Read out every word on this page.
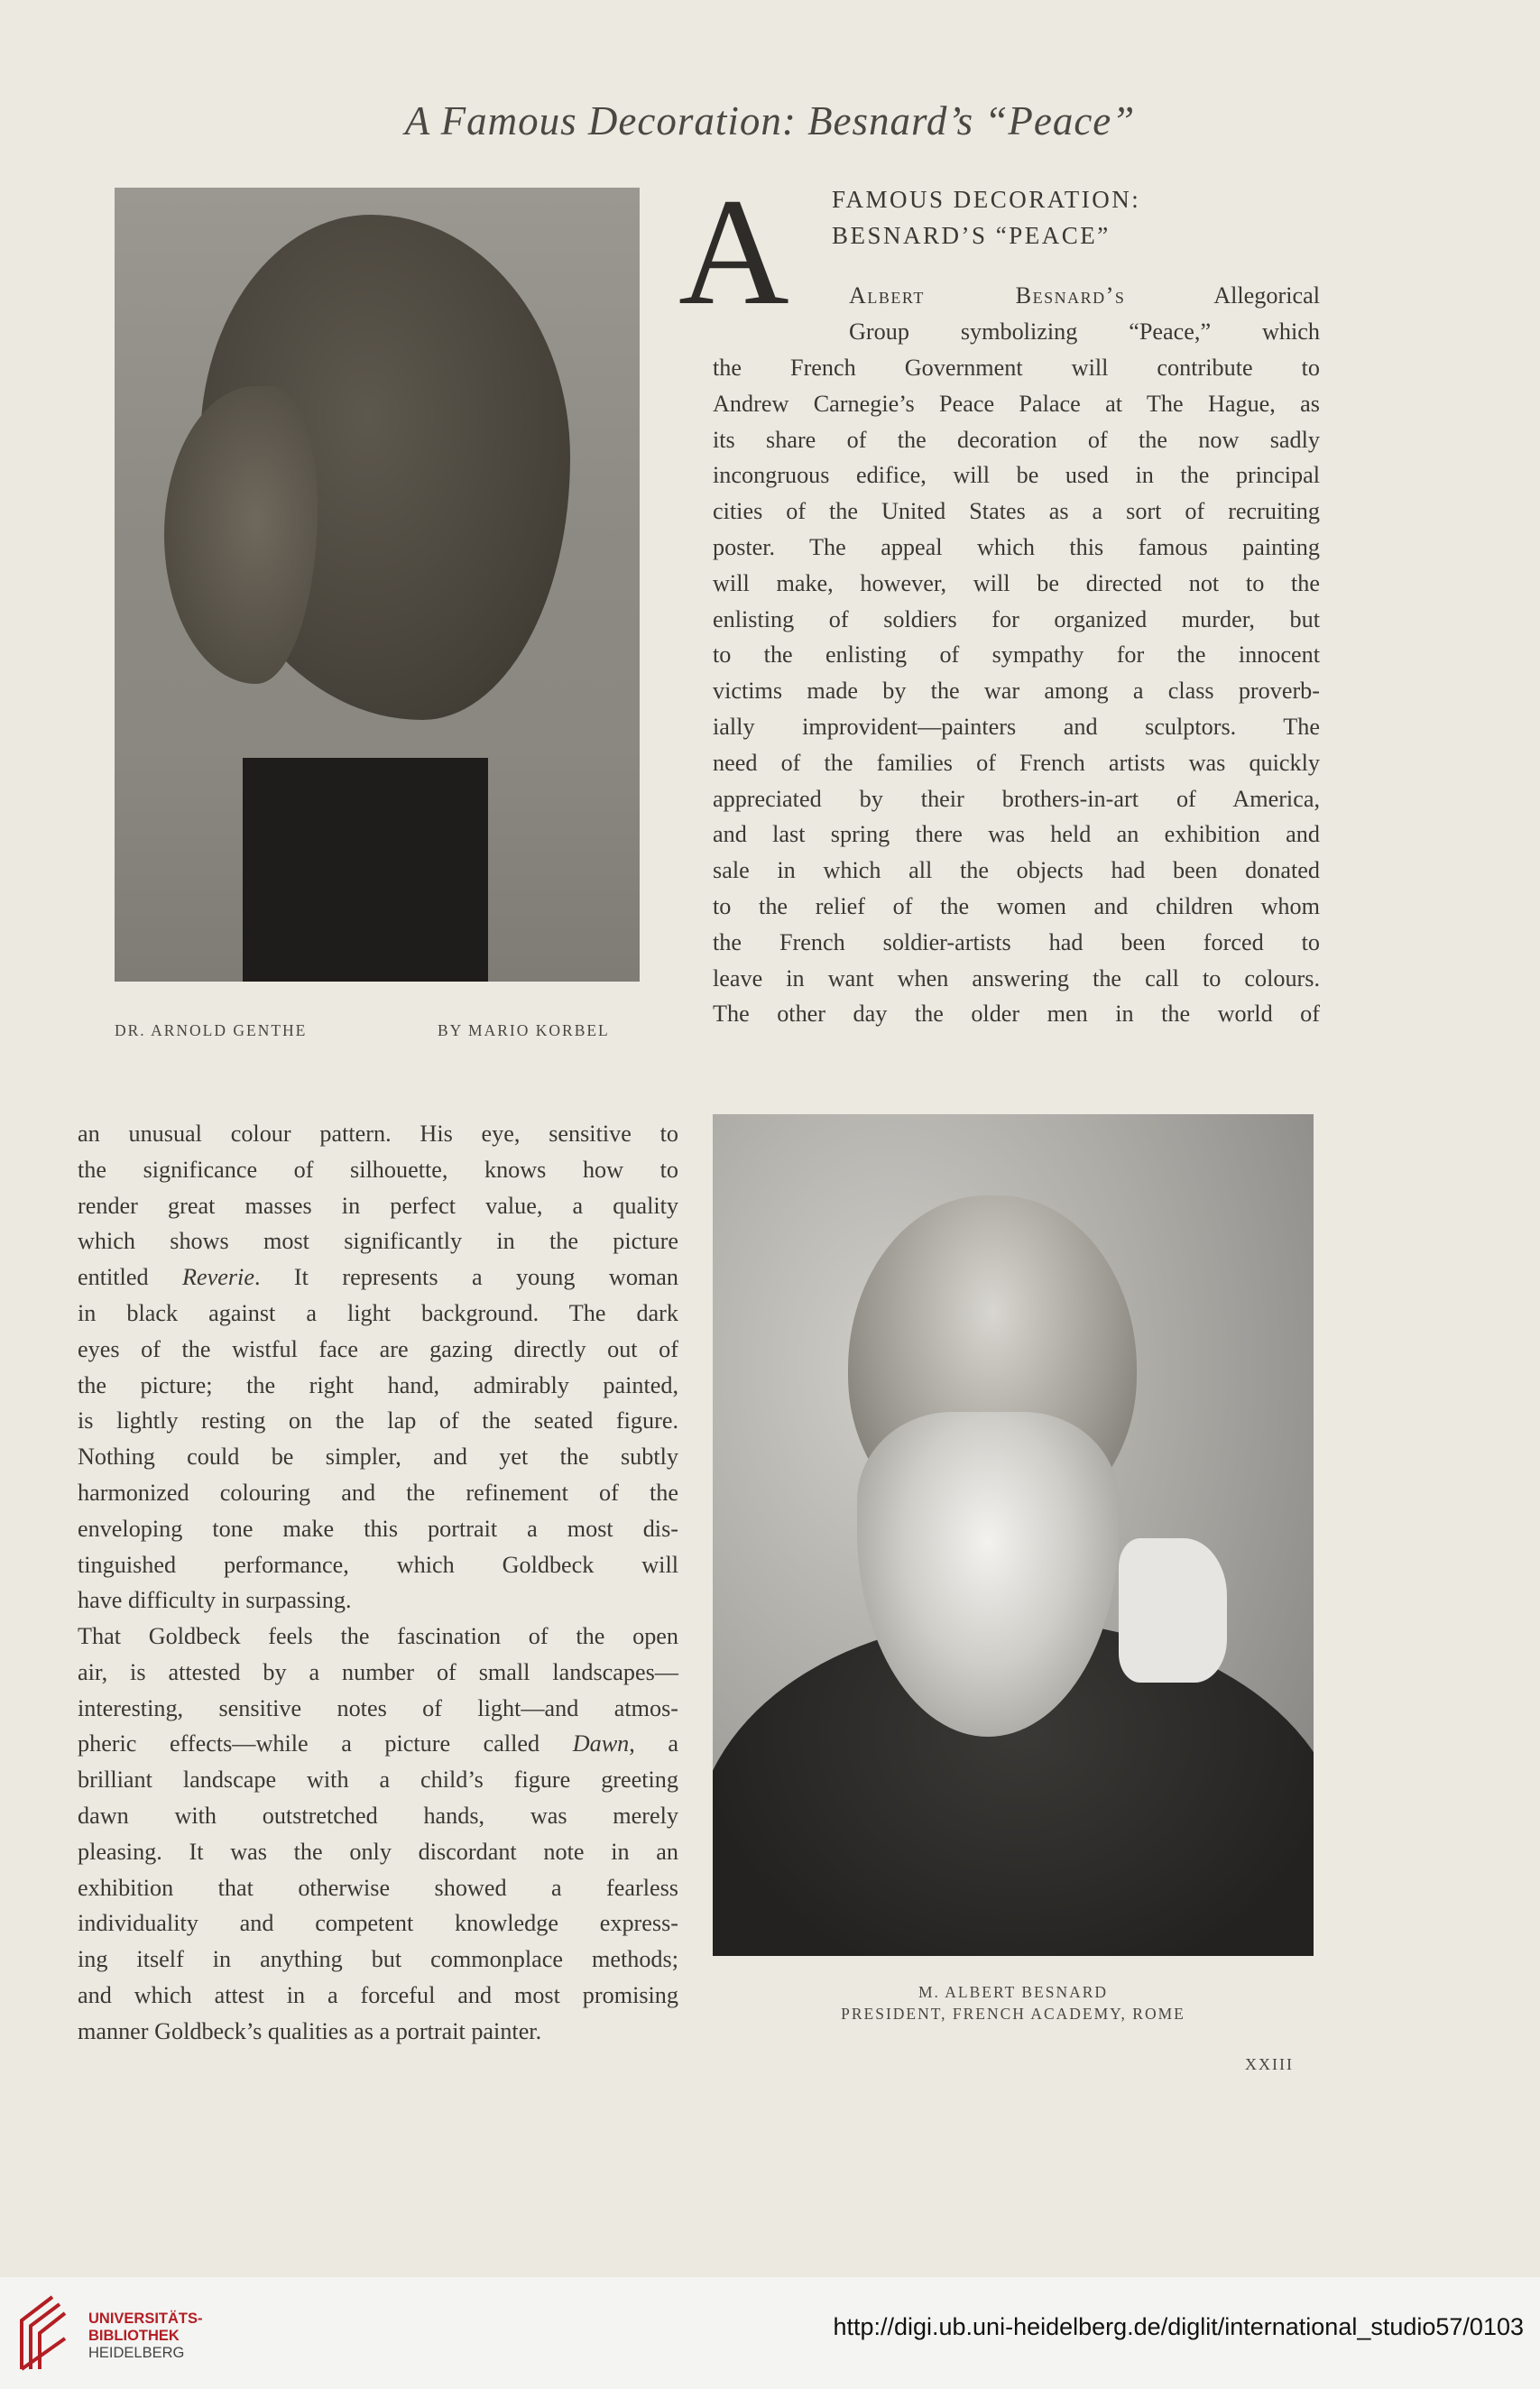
A Famous Decoration: Besnard’s “Peace”
DR. ARNOLD GENTHE	BY MARIO KORBEL
A FAMOUS DECORATION:
BESNARD’S “PEACE”
Albert Besnard’s	Allegorical
Group symbolizing “Peace,” which
the French Government will contribute to
Andrew Carnegie’s Peace Palace at The Hague, as
its share of the decoration of the now sadly
incongruous edifice, will be used in the principal
cities of the United States as a sort of recruiting
poster. The appeal which this famous painting
will make, however, will be directed not to the
enlisting of soldiers for organized murder, but
to the enlisting of sympathy for the innocent
victims made by the war among a class proverb-
ially improvident—painters and sculptors. The
need of the families of French artists was quickly
appreciated by their brothers-in-art of America,
and last spring there was held an exhibition and
sale in which all the objects had been donated
to the relief of the women and children whom
the French soldier-artists had been forced to
leave in want when answering the call to colours.
The other day the older men in the world of
an unusual colour pattern. His eye, sensitive to
the significance of silhouette, knows how to
render great masses in perfect value, a quality
which shows most significantly in the picture
entitled Reverie. It represents a young woman
in black against a light background. The dark
eyes of the wistful face are gazing directly out of
the picture; the right hand, admirably painted,
is lightly resting on the lap of the seated figure.
Nothing could be simpler, and yet the subtly
harmonized colouring and the refinement of the
enveloping tone make this portrait a most dis-
tinguished performance, which Goldbeck will
have difficulty in surpassing.
That Goldbeck feels the fascination of the open
air, is attested by a number of small landscapes—
interesting, sensitive notes of light—and atmos-
pheric effects—while a picture called Dawn, a
brilliant landscape with a child’s figure greeting
dawn with outstretched hands, was merely
pleasing. It was the only discordant note in an
exhibition that otherwise showed a fearless
individuality and competent knowledge express-
ing itself in anything but commonplace methods;
and which attest in a forceful and most promising
manner Goldbeck’s qualities as a portrait painter.
M. ALBERT BESNARD
PRESIDENT, FRENCH ACADEMY, ROME
XXIII
UNIVERSITÄTS-
BIBLIOTHEK
HEIDELBERG
http://digi.ub.uni-heidelberg.de/diglit/international_studio57/0103
